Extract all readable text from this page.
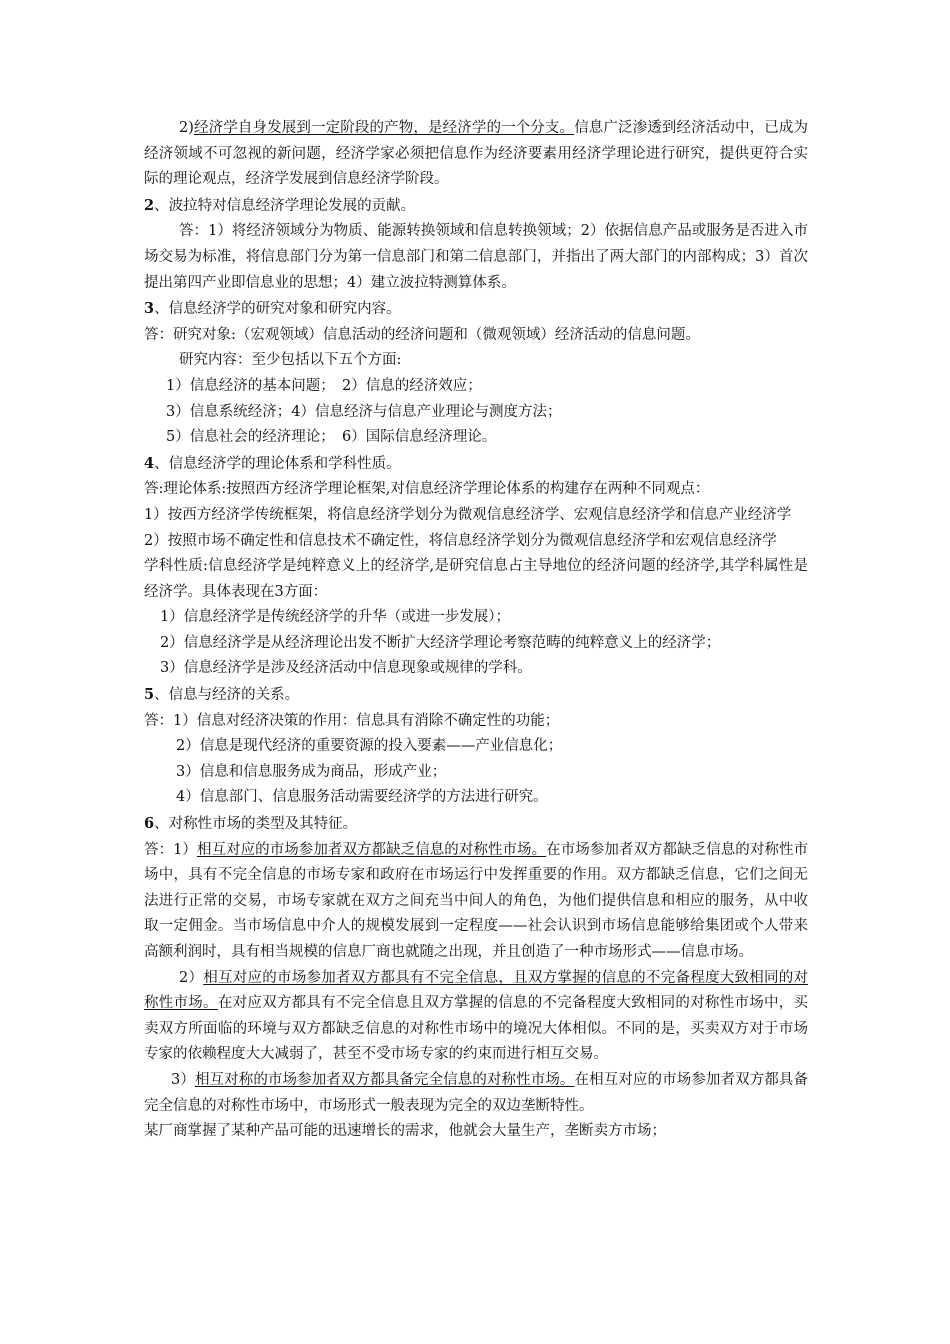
2)经济学自身发展到一定阶段的产物，是经济学的一个分支。信息广泛渗透到经济活动中，已成为经济领域不可忽视的新问题，经济学家必须把信息作为经济要素用经济学理论进行研究，提供更符合实际的理论观点，经济学发展到信息经济学阶段。

2、波拉特对信息经济学理论发展的贡献。

答：1）将经济领域分为物质、能源转换领域和信息转换领域；2）依据信息产品或服务是否进入市场交易为标准，将信息部门分为第一信息部门和第二信息部门，并指出了两大部门的内部构成；3）首次提出第四产业即信息业的思想；4）建立波拉特测算体系。

3、信息经济学的研究对象和研究内容。

答：研究对象:（宏观领域）信息活动的经济问题和（微观领域）经济活动的信息问题。

研究内容：至少包括以下五个方面:

1）信息经济的基本问题；　2）信息的经济效应；

3）信息系统经济；4）信息经济与信息产业理论与测度方法；

5）信息社会的经济理论；　6）国际信息经济理论。

4、信息经济学的理论体系和学科性质。

答:理论体系:按照西方经济学理论框架,对信息经济学理论体系的构建存在两种不同观点：

1）按西方经济学传统框架，将信息经济学划分为微观信息经济学、宏观信息经济学和信息产业经济学

2）按照市场不确定性和信息技术不确定性，将信息经济学划分为微观信息经济学和宏观信息经济学

学科性质:信息经济学是纯粹意义上的经济学,是研究信息占主导地位的经济问题的经济学,其学科属性是经济学。具体表现在3方面：

1）信息经济学是传统经济学的升华（或进一步发展）；

2）信息经济学是从经济理论出发不断扩大经济学理论考察范畴的纯粹意义上的经济学；

3）信息经济学是涉及经济活动中信息现象或规律的学科。

5、信息与经济的关系。

答：1）信息对经济决策的作用：信息具有消除不确定性的功能；

2）信息是现代经济的重要资源的投入要素——产业信息化；

3）信息和信息服务成为商品，形成产业；

4）信息部门、信息服务活动需要经济学的方法进行研究。

6、对称性市场的类型及其特征。

答：1）相互对应的市场参加者双方都缺乏信息的对称性市场。在市场参加者双方都缺乏信息的对称性市场中，具有不完全信息的市场专家和政府在市场运行中发挥重要的作用。双方都缺乏信息，它们之间无法进行正常的交易，市场专家就在双方之间充当中间人的角色，为他们提供信息和相应的服务，从中收取一定佣金。当市场信息中介人的规模发展到一定程度——社会认识到市场信息能够给集团或个人带来高额利润时，具有相当规模的信息厂商也就随之出现，并且创造了一种市场形式——信息市场。

2）相互对应的市场参加者双方都具有不完全信息，且双方掌握的信息的不完备程度大致相同的对称性市场。在对应双方都具有不完全信息且双方掌握的信息的不完备程度大致相同的对称性市场中，买卖双方所面临的环境与双方都缺乏信息的对称性市场中的境况大体相似。不同的是，买卖双方对于市场专家的依赖程度大大减弱了，甚至不受市场专家的约束而进行相互交易。

3）相互对称的市场参加者双方都具备完全信息的对称性市场。在相互对应的市场参加者双方都具备完全信息的对称性市场中，市场形式一般表现为完全的双边垄断特性。

某厂商掌握了某种产品可能的迅速增长的需求，他就会大量生产，垄断卖方市场；
